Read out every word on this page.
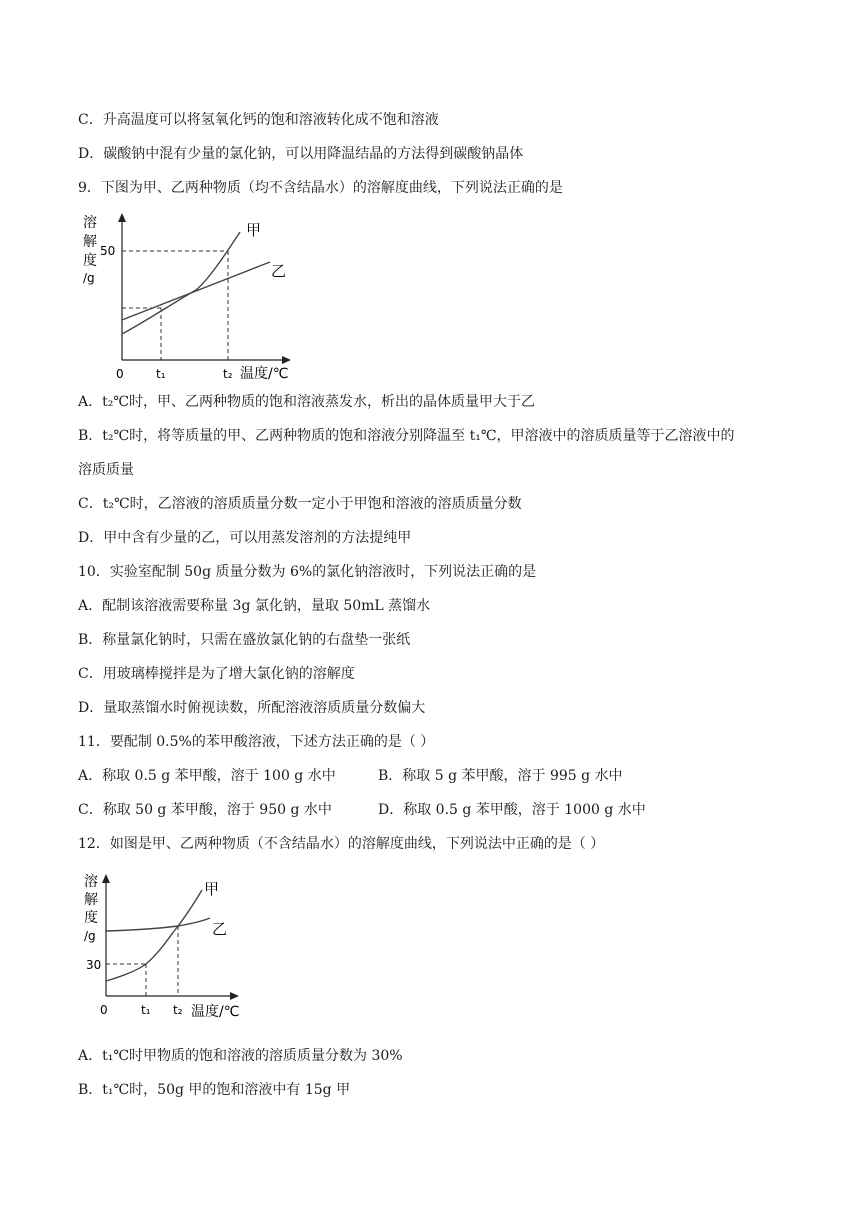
C．升高温度可以将氢氧化钙的饱和溶液转化成不饱和溶液
D．碳酸钠中混有少量的氯化钠，可以用降温结晶的方法得到碳酸钠晶体
9．下图为甲、乙两种物质（均不含结晶水）的溶解度曲线，下列说法正确的是
溶
解
度
/g
50
甲
乙
0	t₁	t₂ 温度/℃
A．t₂℃时，甲、乙两种物质的饱和溶液蒸发水，析出的晶体质量甲大于乙
B．t₂℃时，将等质量的甲、乙两种物质的饱和溶液分别降温至 t₁℃，甲溶液中的溶质质量等于乙溶液中的
溶质质量
C．t₂℃时，乙溶液的溶质质量分数一定小于甲饱和溶液的溶质质量分数
D．甲中含有少量的乙，可以用蒸发溶剂的方法提纯甲
10．实验室配制 50g 质量分数为 6%的氯化钠溶液时，下列说法正确的是
A．配制该溶液需要称量 3g 氯化钠，量取 50mL 蒸馏水
B．称量氯化钠时，只需在盛放氯化钠的右盘垫一张纸
C．用玻璃棒搅拌是为了增大氯化钠的溶解度
D．量取蒸馏水时俯视读数，所配溶液溶质质量分数偏大
11．要配制 0.5%的苯甲酸溶液，下述方法正确的是（ ）
A．称取 0.5 g 苯甲酸，溶于 100 g 水中	B．称取 5 g 苯甲酸，溶于 995 g 水中
C．称取 50 g 苯甲酸，溶于 950 g 水中	D．称取 0.5 g 苯甲酸，溶于 1000 g 水中
12．如图是甲、乙两种物质（不含结晶水）的溶解度曲线，下列说法中正确的是（ ）
溶
解
度
/g
30
甲
乙
0	t₁ t₂ 温度/℃
A．t₁℃时甲物质的饱和溶液的溶质质量分数为 30%
B．t₁℃时，50g 甲的饱和溶液中有 15g 甲
